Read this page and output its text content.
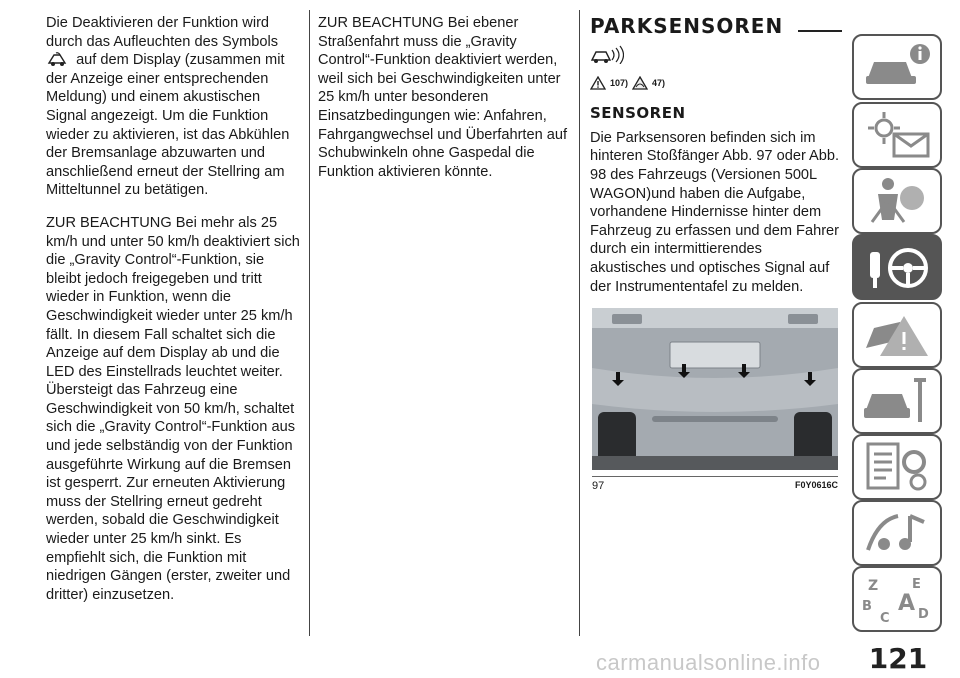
Die Deaktivieren der Funktion wird durch das Aufleuchten des Symbols  auf dem Display (zusammen mit der Anzeige einer entsprechenden Meldung) und einem akustischen Signal angezeigt. Um die Funktion wieder zu aktivieren, ist das Abkühlen der Bremsanlage abzuwarten und anschließend erneut der Stellring am Mitteltunnel zu betätigen.

ZUR BEACHTUNG Bei mehr als 25 km/h und unter 50 km/h deaktiviert sich die „Gravity Control“-Funktion, sie bleibt jedoch freigegeben und tritt wieder in Funktion, wenn die Geschwindigkeit wieder unter 25 km/h fällt. In diesem Fall schaltet sich die Anzeige auf dem Display ab und die LED des Einstellrads leuchtet weiter. Übersteigt das Fahrzeug eine Geschwindigkeit von 50 km/h, schaltet sich die „Gravity Control“-Funktion aus und jede selbständig von der Funktion ausgeführte Wirkung auf die Bremsen ist gesperrt. Zur erneuten Aktivierung muss der Stellring erneut gedreht werden, sobald die Geschwindigkeit wieder unter 25 km/h sinkt. Es empfiehlt sich, die Funktion mit niedrigen Gängen (erster, zweiter und dritter) einzusetzen.

ZUR BEACHTUNG Bei ebener Straßenfahrt muss die „Gravity Control“-Funktion deaktiviert werden, weil sich bei Geschwindigkeiten unter 25 km/h unter besonderen Einsatzbedingungen wie: Anfahren, Fahrgangwechsel und Überfahrten auf Schubwinkeln ohne Gaspedal die Funktion aktivieren könnte.

PARKSENSOREN
107)	47)
SENSOREN

Die Parksensoren befinden sich im hinteren Stoßfänger Abb. 97 oder Abb. 98 des Fahrzeugs (Versionen 500L WAGON)und haben die Aufgabe, vorhandene Hindernisse hinter dem Fahrzeug zu erfassen und dem Fahrer durch ein intermittierendes akustisches und optisches Signal auf der Instrumententafel zu melden.

97	F0Y0616C
Z	E
B A
C D
121
carmanualsonline.info
